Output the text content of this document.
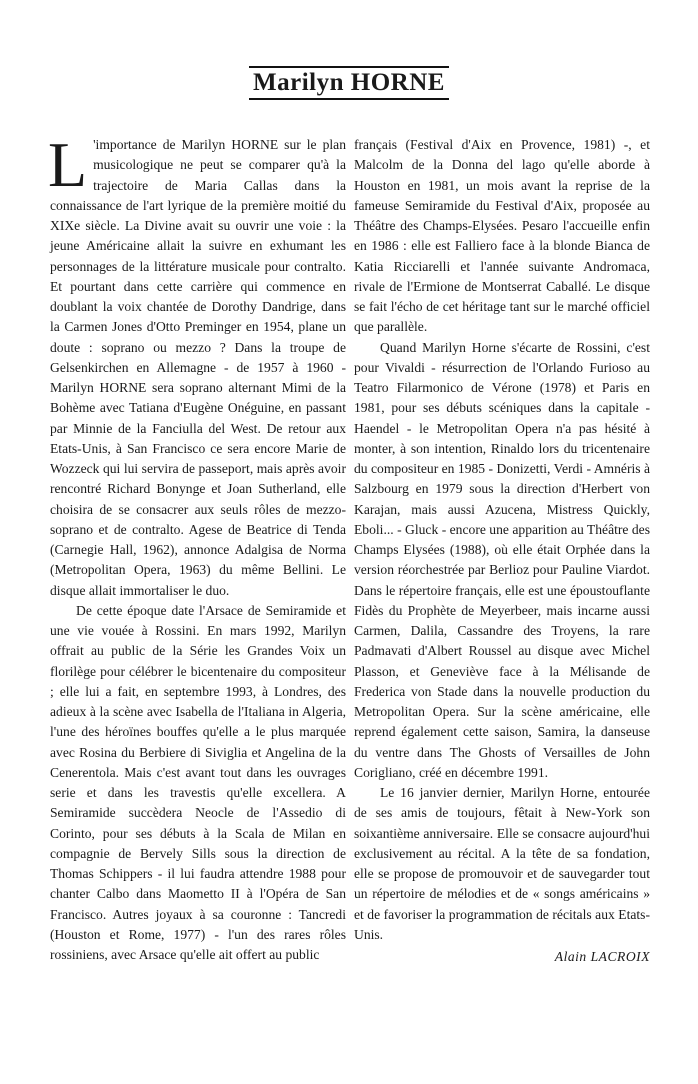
Marilyn HORNE

L 'importance de Marilyn HORNE sur le plan musicologique ne peut se comparer qu'à la trajectoire de Maria Callas dans la connaissance de l'art lyrique de la première moitié du XIXe siècle. La Divine avait su ouvrir une voie : la jeune Américaine allait la suivre en exhumant les personnages de la littérature musicale pour contralto. Et pourtant dans cette carrière qui commence en doublant la voix chantée de Dorothy Dandrige, dans la Carmen Jones d'Otto Preminger en 1954, plane un doute : soprano ou mezzo ? Dans la troupe de Gelsenkirchen en Allemagne - de 1957 à 1960 - Marilyn HORNE sera soprano alternant Mimi de la Bohème avec Tatiana d'Eugène Onéguine, en passant par Minnie de la Fanciulla del West. De retour aux Etats-Unis, à San Francisco ce sera encore Marie de Wozzeck qui lui servira de passeport, mais après avoir rencontré Richard Bonynge et Joan Sutherland, elle choisira de se consacrer aux seuls rôles de mezzo-soprano et de contralto. Agese de Beatrice di Tenda (Carnegie Hall, 1962), annonce Adalgisa de Norma (Metropolitan Opera, 1963) du même Bellini. Le disque allait immortaliser le duo.

De cette époque date l'Arsace de Semiramide et une vie vouée à Rossini. En mars 1992, Marilyn offrait au public de la Série les Grandes Voix un florilège pour célébrer le bicentenaire du compositeur ; elle lui a fait, en septembre 1993, à Londres, des adieux à la scène avec Isabella de l'Italiana in Algeria, l'une des héroïnes bouffes qu'elle a le plus marquée avec Rosina du Berbiere di Siviglia et Angelina de la Cenerentola. Mais c'est avant tout dans les ouvrages serie et dans les travestis qu'elle excellera. A Semiramide succèdera Neocle de l'Assedio di Corinto, pour ses débuts à la Scala de Milan en compagnie de Bervely Sills sous la direction de Thomas Schippers - il lui faudra attendre 1988 pour chanter Calbo dans Maometto II à l'Opéra de San Francisco. Autres joyaux à sa couronne : Tancredi (Houston et Rome, 1977) - l'un des rares rôles rossiniens, avec Arsace qu'elle ait offert au public

français (Festival d'Aix en Provence, 1981) -, et Malcolm de la Donna del lago qu'elle aborde à Houston en 1981, un mois avant la reprise de la fameuse Semiramide du Festival d'Aix, proposée au Théâtre des Champs-Elysées. Pesaro l'accueille enfin en 1986 : elle est Falliero face à la blonde Bianca de Katia Ricciarelli et l'année suivante Andromaca, rivale de l'Ermione de Montserrat Caballé. Le disque se fait l'écho de cet héritage tant sur le marché officiel que parallèle.

Quand Marilyn Horne s'écarte de Rossini, c'est pour Vivaldi - résurrection de l'Orlando Furioso au Teatro Filarmonico de Vérone (1978) et Paris en 1981, pour ses débuts scéniques dans la capitale - Haendel - le Metropolitan Opera n'a pas hésité à monter, à son intention, Rinaldo lors du tricentenaire du compositeur en 1985 - Donizetti, Verdi - Amnéris à Salzbourg en 1979 sous la direction d'Herbert von Karajan, mais aussi Azucena, Mistress Quickly, Eboli... - Gluck - encore une apparition au Théâtre des Champs Elysées (1988), où elle était Orphée dans la version réorchestrée par Berlioz pour Pauline Viardot. Dans le répertoire français, elle est une époustouflante Fidès du Prophète de Meyerbeer, mais incarne aussi Carmen, Dalila, Cassandre des Troyens, la rare Padmavati d'Albert Roussel au disque avec Michel Plasson, et Geneviève face à la Mélisande de Frederica von Stade dans la nouvelle production du Metropolitan Opera. Sur la scène américaine, elle reprend également cette saison, Samira, la danseuse du ventre dans The Ghosts of Versailles de John Corigliano, créé en décembre 1991.

Le 16 janvier dernier, Marilyn Horne, entourée de ses amis de toujours, fêtait à New-York son soixantième anniversaire. Elle se consacre aujourd'hui exclusivement au récital. A la tête de sa fondation, elle se propose de promouvoir et de sauvegarder tout un répertoire de mélodies et de « songs américains » et de favoriser la programmation de récitals aux Etats-Unis.

Alain LACROIX
